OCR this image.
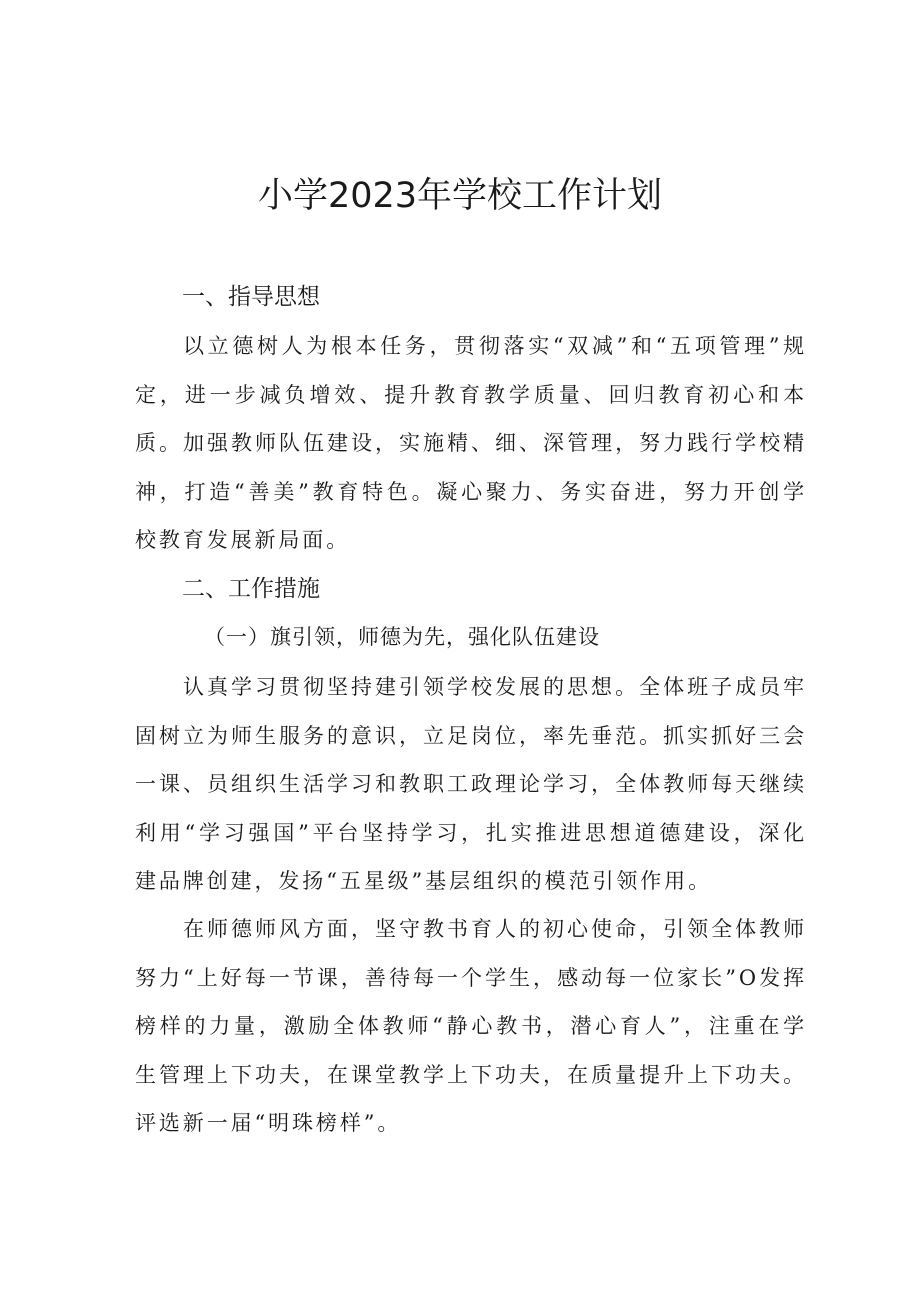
小学2023年学校工作计划
一、指导思想

以立德树人为根本任务，贯彻落实“双减”和“五项管理”规定，进一步减负增效、提升教育教学质量、回归教育初心和本质。加强教师队伍建设，实施精、细、深管理，努力践行学校精神，打造“善美”教育特色。凝心聚力、务实奋进，努力开创学校教育发展新局面。

二、工作措施

（一）旗引领，师德为先，强化队伍建设

认真学习贯彻坚持建引领学校发展的思想。全体班子成员牢固树立为师生服务的意识，立足岗位，率先垂范。抓实抓好三会一课、员组织生活学习和教职工政理论学习，全体教师每天继续利用“学习强国”平台坚持学习，扎实推进思想道德建设，深化建品牌创建，发扬“五星级”基层组织的模范引领作用。

在师德师风方面，坚守教书育人的初心使命，引领全体教师努力“上好每一节课，善待每一个学生，感动每一位家长”O发挥榜样的力量，激励全体教师“静心教书，潜心育人”，注重在学生管理上下功夫，在课堂教学上下功夫，在质量提升上下功夫。评选新一届“明珠榜样”。
